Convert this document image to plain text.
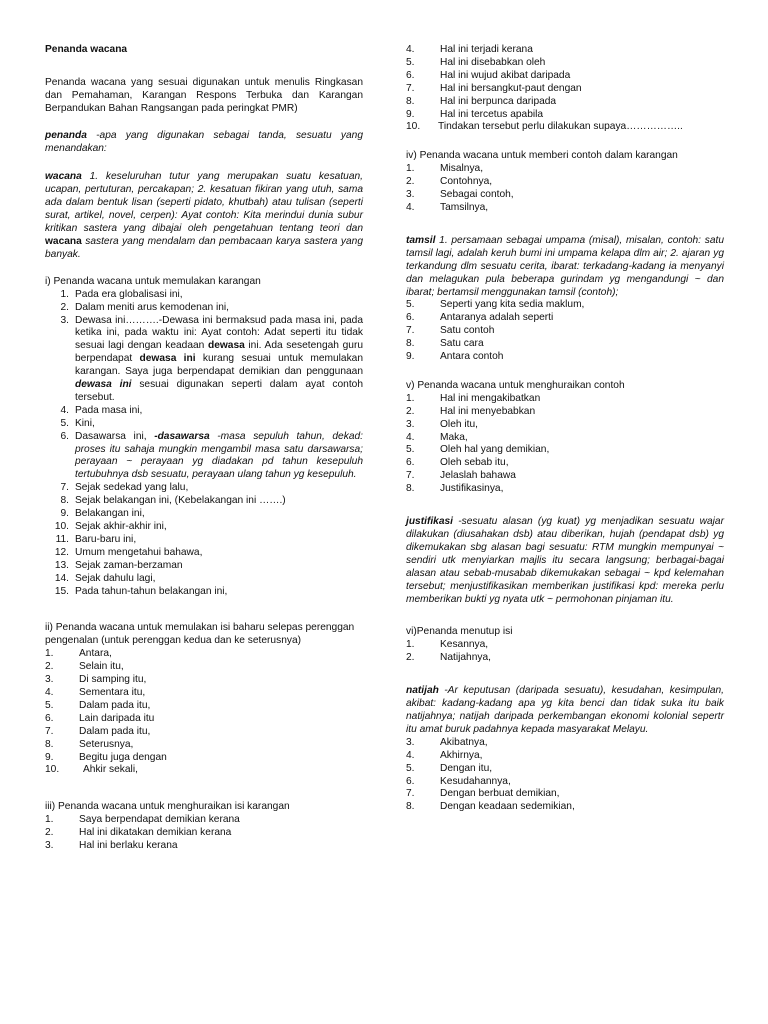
Penanda wacana

Penanda wacana yang sesuai digunakan untuk menulis Ringkasan dan Pemahaman, Karangan Respons Terbuka dan Karangan Berpandukan Bahan Rangsangan pada peringkat PMR)

penanda -apa yang digunakan sebagai tanda, sesuatu yang menandakan:

wacana 1. keseluruhan tutur yang merupakan suatu kesatuan, ucapan, pertuturan, percakapan; 2. kesatuan fikiran yang utuh, sama ada dalam bentuk lisan (seperti pidato, khutbah) atau tulisan (seperti surat, artikel, novel, cerpen): Ayat contoh: Kita merindui dunia subur kritikan sastera yang dibajai oleh pengetahuan tentang teori dan wacana sastera yang mendalam dan pembacaan karya sastera yang banyak.

i) Penanda wacana untuk memulakan karangan

1. Pada era globalisasi ini,
2. Dalam meniti arus kemodenan ini,
3. Dewasa ini……….-Dewasa ini bermaksud pada masa ini, pada ketika ini, pada waktu ini: Ayat contoh: Adat seperti itu tidak sesuai lagi dengan keadaan dewasa ini. Ada sesetengah guru berpendapat dewasa ini kurang sesuai untuk memulakan karangan. Saya juga berpendapat demikian dan penggunaan dewasa ini sesuai digunakan seperti dalam ayat contoh tersebut.
4. Pada masa ini,
5. Kini,
6. Dasawarsa ini, -dasawarsa -masa sepuluh tahun, dekad: proses itu sahaja mungkin mengambil masa satu darsawarsa; perayaan ~ perayaan yg diadakan pd tahun kesepuluh tertubuhnya dsb sesuatu, perayaan ulang tahun yg kesepuluh.
7. Sejak sedekad yang lalu,
8. Sejak belakangan ini, (Kebelakangan ini …….)
9. Belakangan ini,
10. Sejak akhir-akhir ini,
11. Baru-baru ini,
12. Umum mengetahui bahawa,
13. Sejak zaman-berzaman
14. Sejak dahulu lagi,
15. Pada tahun-tahun belakangan ini,

ii) Penanda wacana untuk memulakan isi baharu selepas perenggan pengenalan (untuk perenggan kedua dan ke seterusnya)

1.	Antara,
2.	Selain itu,
3.	Di samping itu,
4.	Sementara itu,
5.	Dalam pada itu,
6.	Lain daripada itu
7.	Dalam pada itu,
8.	Seterusnya,
9.	Begitu juga dengan
10.	Ahkir sekali,

iii) Penanda wacana untuk menghuraikan isi karangan

1.	Saya berpendapat demikian kerana
2.	Hal ini dikatakan demikian kerana
3.	Hal ini berlaku kerana
4.	Hal ini terjadi kerana
5.	Hal ini disebabkan oleh
6.	Hal ini wujud akibat daripada
7.	Hal ini bersangkut-paut dengan
8.	Hal ini berpunca daripada
9.	Hal ini tercetus apabila
10.	Tindakan tersebut perlu dilakukan supaya……………..

iv) Penanda wacana untuk memberi contoh dalam karangan

1.	Misalnya,
2.	Contohnya,
3.	Sebagai contoh,
4.	Tamsilnya,

tamsil 1. persamaan sebagai umpama (misal), misalan, contoh: satu tamsil lagi, adalah keruh bumi ini umpama kelapa dlm air; 2. ajaran yg terkandung dlm sesuatu cerita, ibarat: terkadang-kadang ia menyanyi dan melagukan pula beberapa gurindam yg mengandungi ~ dan ibarat; bertamsil menggunakan tamsil (contoh);

5.	Seperti yang kita sedia maklum,
6.	Antaranya adalah seperti
7.	Satu contoh
8.	Satu cara
9.	Antara contoh

v) Penanda wacana untuk menghuraikan contoh

1.	Hal ini mengakibatkan
2.	Hal ini menyebabkan
3.	Oleh itu,
4.	Maka,
5.	Oleh hal yang demikian,
6.	Oleh sebab itu,
7.	Jelaslah bahawa
8.	Justifikasinya,

justifikasi -sesuatu alasan (yg kuat) yg menjadikan sesuatu wajar dilakukan (diusahakan dsb) atau diberikan, hujah (pendapat dsb) yg dikemukakan sbg alasan bagi sesuatu: RTM mungkin mempunyai ~ sendiri utk menyiarkan majlis itu secara langsung; berbagai-bagai alasan atau sebab-musabab dikemukakan sebagai ~ kpd kelemahan tersebut; menjustifikasikan memberikan justifikasi kpd: mereka perlu memberikan bukti yg nyata utk ~ permohonan pinjaman itu.

vi)Penanda menutup isi

1.	Kesannya,
2.	Natijahnya,

natijah -Ar keputusan (daripada sesuatu), kesudahan, kesimpulan, akibat: kadang-kadang apa yg kita benci dan tidak suka itu baik natijahnya; natijah daripada perkembangan ekonomi kolonial sepertr itu amat buruk padahnya kepada masyarakat Melayu.

3.	Akibatnya,
4.	Akhirnya,
5.	Dengan itu,
6.	Kesudahannya,
7.	Dengan berbuat demikian,
8.	Dengan keadaan sedemikian,
